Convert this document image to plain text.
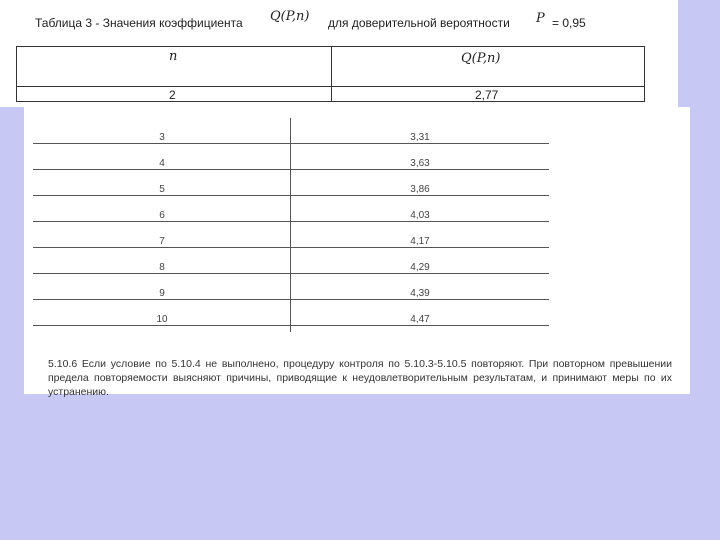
Таблица 3 - Значения коэффициента Q(P,n) для доверительной вероятности P = 0,95
n	Q(P,n)
2	2,77
3	3,31
4	3,63
5	3,86
6	4,03
7	4,17
8	4,29
9	4,39
10	4,47
5.10.6 Если условие по 5.10.4 не выполнено, процедуру контроля по 5.10.3-5.10.5 повторяют. При повторном превышении предела повторяемости выясняют причины, приводящие к неудовлетворительным результатам, и принимают меры по их устранению.
